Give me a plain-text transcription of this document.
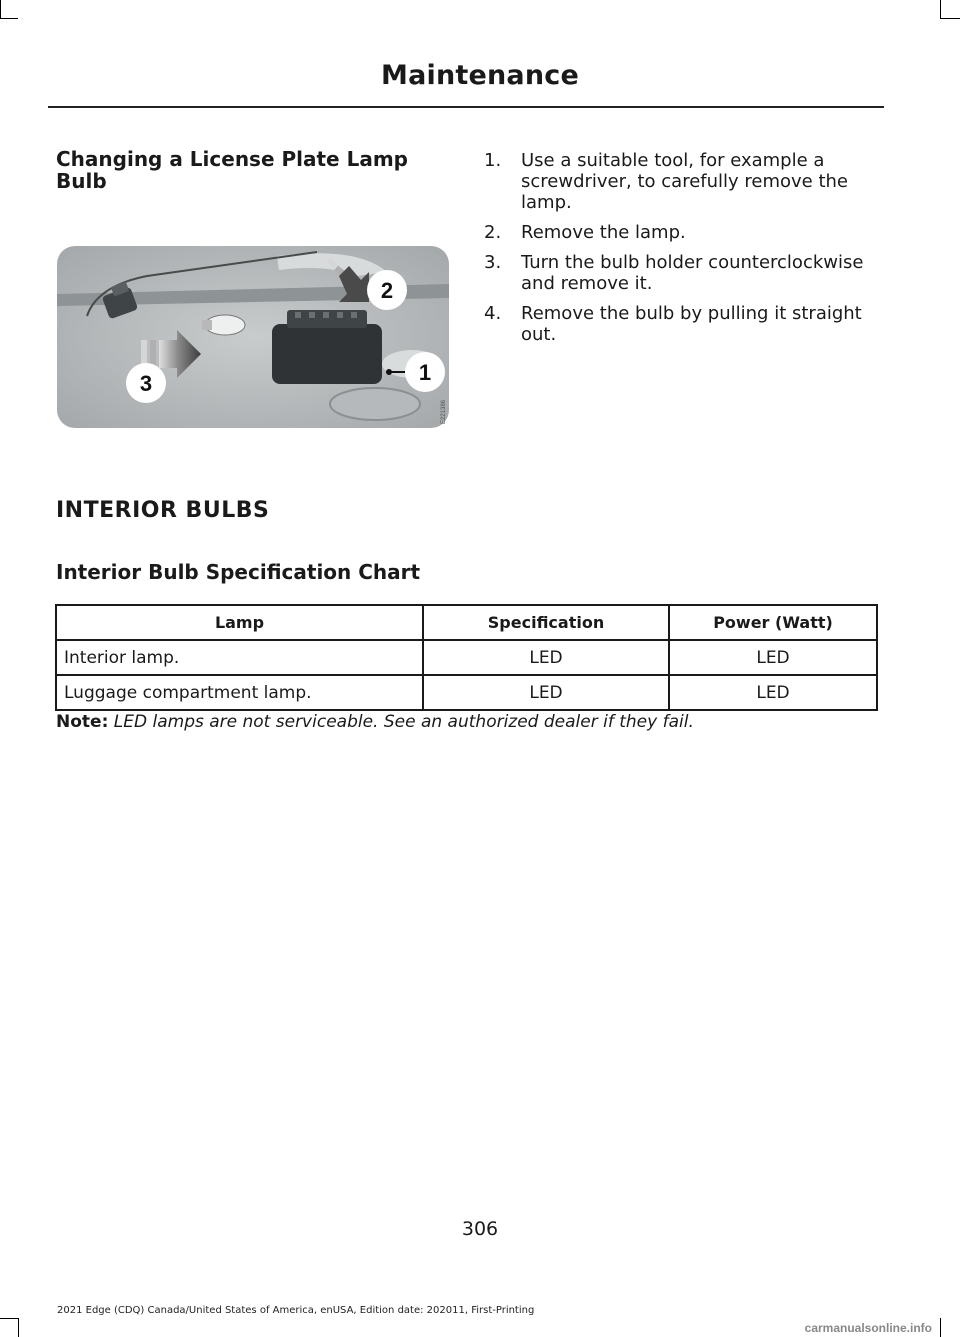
Maintenance
Changing a License Plate Lamp Bulb
1
2
3
E221386
1. Use a suitable tool, for example a screwdriver, to carefully remove the lamp.
2. Remove the lamp.
3. Turn the bulb holder counterclockwise and remove it.
4. Remove the bulb by pulling it straight out.
INTERIOR BULBS
Interior Bulb Specification Chart
Lamp	Specification	Power (Watt)
Interior lamp.	LED	LED
Luggage compartment lamp.	LED	LED
Note: LED lamps are not serviceable. See an authorized dealer if they fail.
306
2021 Edge (CDQ) Canada/United States of America, enUSA, Edition date: 202011, First-Printing
carmanualsonline.info
